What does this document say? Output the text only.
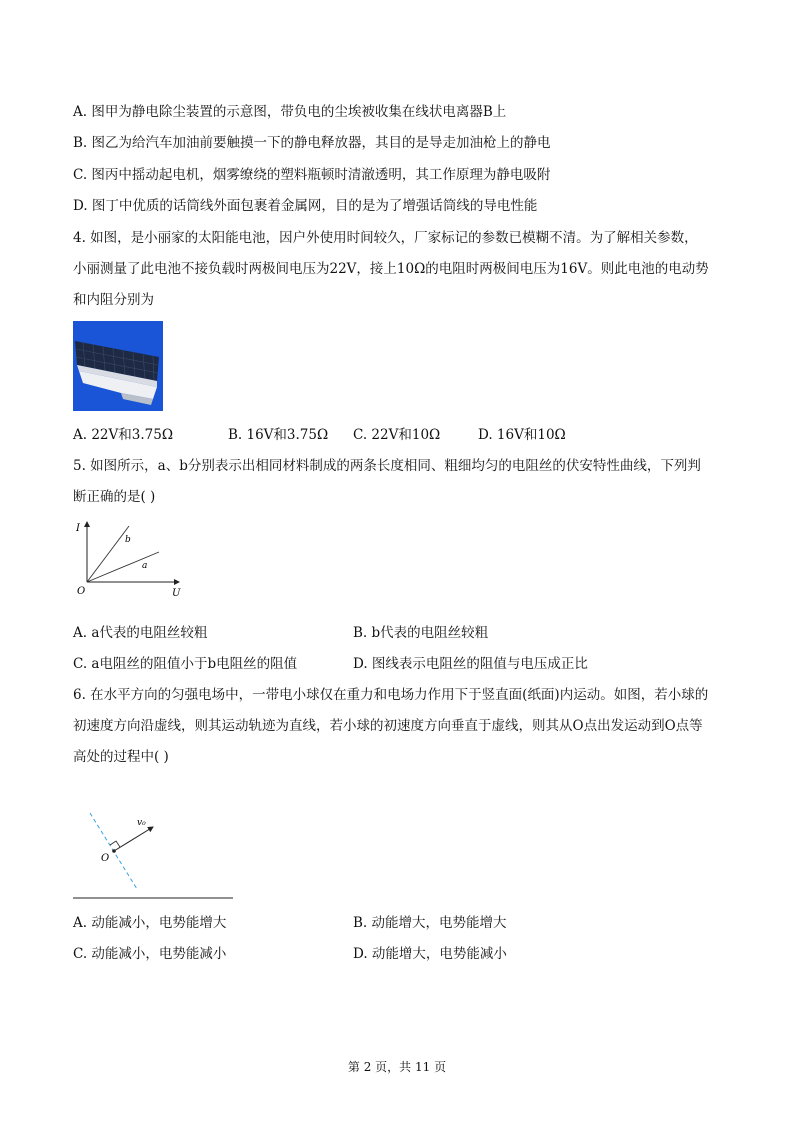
A. 图甲为静电除尘装置的示意图，带负电的尘埃被收集在线状电离器B上
B. 图乙为给汽车加油前要触摸一下的静电释放器，其目的是导走加油枪上的静电
C. 图丙中摇动起电机，烟雾缭绕的塑料瓶顿时清澈透明，其工作原理为静电吸附
D. 图丁中优质的话筒线外面包裹着金属网，目的是为了增强话筒线的导电性能
4. 如图，是小丽家的太阳能电池，因户外使用时间较久，厂家标记的参数已模糊不清。为了解相关参数，
小丽测量了此电池不接负载时两极间电压为22V，接上10Ω的电阻时两极间电压为16V。则此电池的电动势
和内阻分别为
A. 22V和3.75Ω	B. 16V和3.75Ω C. 22V和10Ω	D. 16V和10Ω
5. 如图所示，a、b分别表示出相同材料制成的两条长度相同、粗细均匀的电阻丝的伏安特性曲线，下列判
断正确的是( )
I
U
O
b
a
A. a代表的电阻丝较粗	B. b代表的电阻丝较粗
C. a电阻丝的阻值小于b电阻丝的阻值	D. 图线表示电阻丝的阻值与电压成正比
6. 在水平方向的匀强电场中，一带电小球仅在重力和电场力作用下于竖直面(纸面)内运动。如图，若小球的
初速度方向沿虚线，则其运动轨迹为直线，若小球的初速度方向垂直于虚线，则其从O点出发运动到O点等
高处的过程中( )
O
v₀
A. 动能减小，电势能增大	B. 动能增大，电势能增大
C. 动能减小，电势能减小	D. 动能增大，电势能减小
第 2 页，共 11 页
